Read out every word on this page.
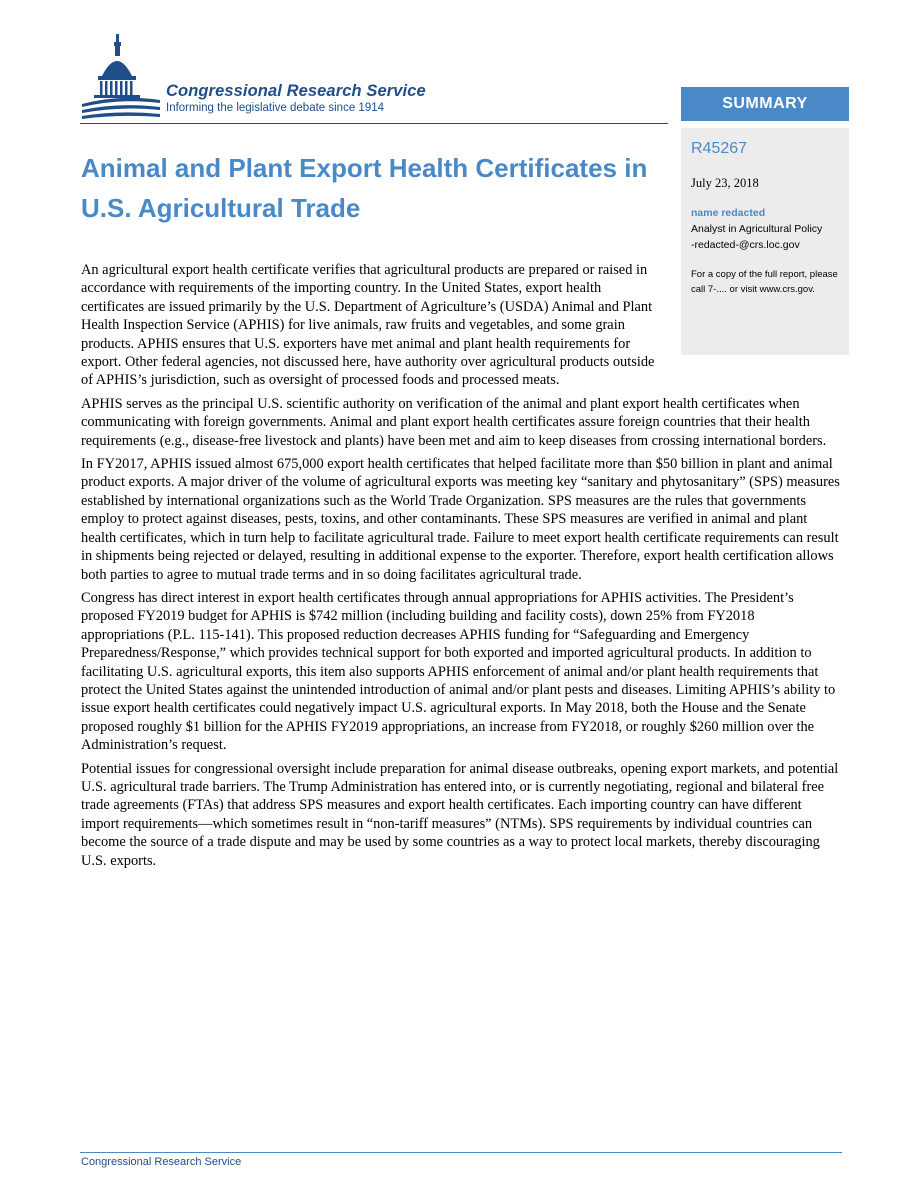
Congressional Research Service

Informing the legislative debate since 1914	SUMMARY

R45267

July 23, 2018

name redacted

Analyst in Agricultural Policy

-redacted-@crs.loc.gov

For a copy of the full report, please call 7-.... or visit www.crs.gov.

Animal and Plant Export Health Certificates in U.S. Agricultural Trade

An agricultural export health certificate verifies that agricultural products are prepared or raised in accordance with requirements of the importing country. In the United States, export health certificates are issued primarily by the U.S. Department of Agriculture’s (USDA) Animal and Plant Health Inspection Service (APHIS) for live animals, raw fruits and vegetables, and some grain products. APHIS ensures that U.S. exporters have met animal and plant health requirements for export. Other federal agencies, not discussed here, have authority over agricultural products outside of APHIS’s jurisdiction, such as oversight of processed foods and processed meats.

APHIS serves as the principal U.S. scientific authority on verification of the animal and plant export health certificates when communicating with foreign governments. Animal and plant export health certificates assure foreign countries that their health requirements (e.g., disease-free livestock and plants) have been met and aim to keep diseases from crossing international borders.

In FY2017, APHIS issued almost 675,000 export health certificates that helped facilitate more than $50 billion in plant and animal product exports. A major driver of the volume of agricultural exports was meeting key “sanitary and phytosanitary” (SPS) measures established by international organizations such as the World Trade Organization. SPS measures are the rules that governments employ to protect against diseases, pests, toxins, and other contaminants. These SPS measures are verified in animal and plant health certificates, which in turn help to facilitate agricultural trade. Failure to meet export health certificate requirements can result in shipments being rejected or delayed, resulting in additional expense to the exporter. Therefore, export health certification allows both parties to agree to mutual trade terms and in so doing facilitates agricultural trade.

Congress has direct interest in export health certificates through annual appropriations for APHIS activities. The President’s proposed FY2019 budget for APHIS is $742 million (including building and facility costs), down 25% from FY2018 appropriations (P.L. 115-141). This proposed reduction decreases APHIS funding for “Safeguarding and Emergency Preparedness/Response,” which provides technical support for both exported and imported agricultural products. In addition to facilitating U.S. agricultural exports, this item also supports APHIS enforcement of animal and/or plant health requirements that protect the United States against the unintended introduction of animal and/or plant pests and diseases. Limiting APHIS’s ability to issue export health certificates could negatively impact U.S. agricultural exports. In May 2018, both the House and the Senate proposed roughly $1 billion for the APHIS FY2019 appropriations, an increase from FY2018, or roughly $260 million over the Administration’s request.

Potential issues for congressional oversight include preparation for animal disease outbreaks, opening export markets, and potential U.S. agricultural trade barriers. The Trump Administration has entered into, or is currently negotiating, regional and bilateral free trade agreements (FTAs) that address SPS measures and export health certificates. Each importing country can have different import requirements—which sometimes result in “non-tariff measures” (NTMs). SPS requirements by individual countries can become the source of a trade dispute and may be used by some countries as a way to protect local markets, thereby discouraging U.S. exports.

Congressional Research Service
